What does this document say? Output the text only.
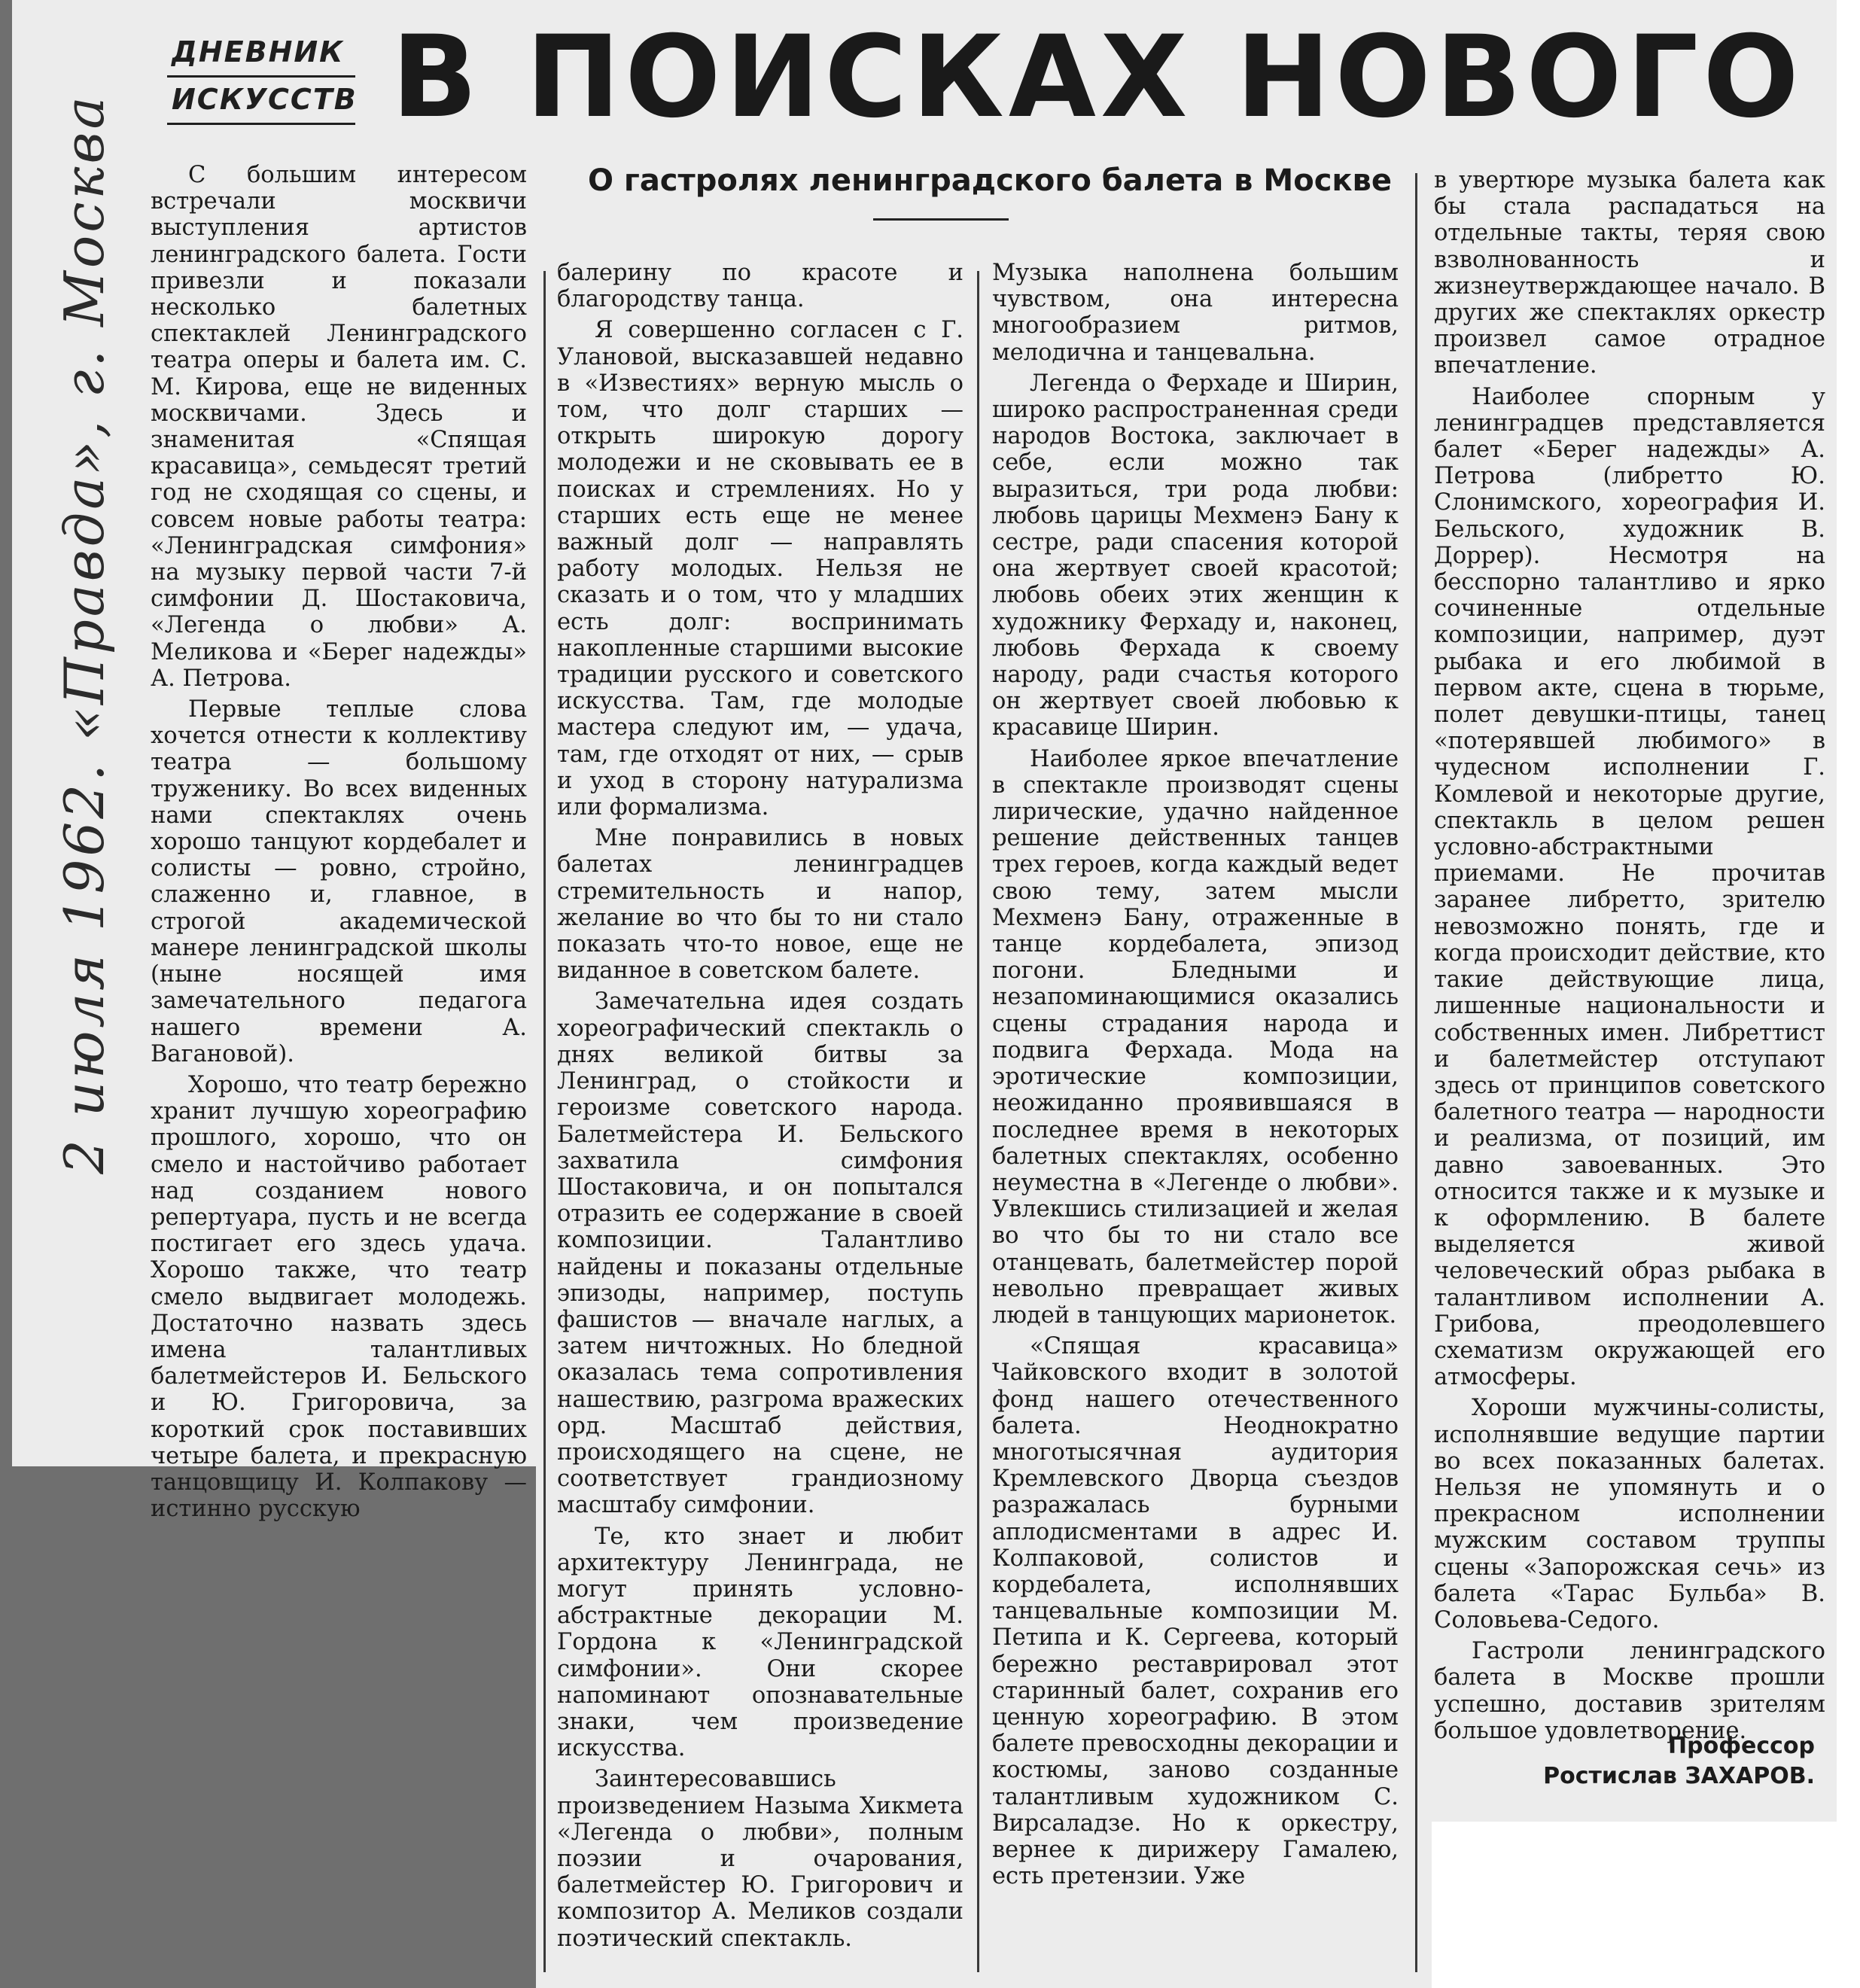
ДНЕВНИК
ИСКУССТВ В ПОИСКАХ НОВОГО
О гастролях ленинградского балета в Москве
2 июля 1962. «Правда», г. Москва	С большим интересом встречали москвичи выступления артистов ленинградского балета. Гости привезли и показали несколько балетных спектаклей Ленинградского театра оперы и балета им. С. М. Кирова, еще не виденных москвичами. Здесь и знаменитая «Спящая красавица», семьдесят третий год не сходящая со сцены, и совсем новые работы театра: «Ленинградская симфония» на музыку первой части 7-й симфонии Д. Шостаковича, «Легенда о любви» А. Меликова и «Берег надежды» А. Петрова.

Первые теплые слова хочется отнести к коллективу театра — большому труженику. Во всех виденных нами спектаклях очень хорошо танцуют кордебалет и солисты — ровно, стройно, слаженно и, главное, в строгой академической манере ленинградской школы (ныне носящей имя замечательного педагога нашего времени А. Вагановой).

Хорошо, что театр бережно хранит лучшую хореографию прошлого, хорошо, что он смело и настойчиво работает над созданием нового репертуара, пусть и не всегда постигает его здесь удача. Хорошо также, что театр смело выдвигает молодежь. Достаточно назвать здесь имена талантливых балетмейстеров И. Бельского и Ю. Григоровича, за короткий срок поставивших четыре балета, и прекрасную танцовщицу И. Колпакову — истинно русскую

балерину по красоте и благородству танца.

Я совершенно согласен с Г. Улановой, высказавшей недавно в «Известиях» верную мысль о том, что долг старших — открыть широкую дорогу молодежи и не сковывать ее в поисках и стремлениях. Но у старших есть еще не менее важный долг — направлять работу молодых. Нельзя не сказать и о том, что у младших есть долг: воспринимать накопленные старшими высокие традиции русского и советского искусства. Там, где молодые мастера следуют им, — удача, там, где отходят от них, — срыв и уход в сторону натурализма или формализма.

Мне понравились в новых балетах ленинградцев стремительность и напор, желание во что бы то ни стало показать что-то новое, еще не виданное в советском балете.

Замечательна идея создать хореографический спектакль о днях великой битвы за Ленинград, о стойкости и героизме советского народа. Балетмейстера И. Бельского захватила симфония Шостаковича, и он попытался отразить ее содержание в своей композиции. Талантливо найдены и показаны отдельные эпизоды, например, поступь фашистов — вначале наглых, а затем ничтожных. Но бледной оказалась тема сопротивления нашествию, разгрома вражеских орд. Масштаб действия, происходящего на сцене, не соответствует грандиозному масштабу симфонии.

Те, кто знает и любит архитектуру Ленинграда, не могут принять условно-абстрактные декорации М. Гордона к «Ленинградской симфонии». Они скорее напоминают опознавательные знаки, чем произведение искусства.

Заинтересовавшись произведением Назыма Хикмета «Легенда о любви», полным поэзии и очарования, балетмейстер Ю. Григорович и композитор А. Меликов создали поэтический спектакль.

Музыка наполнена большим чувством, она интересна многообразием ритмов, мелодична и танцевальна.

Легенда о Ферхаде и Ширин, широко распространенная среди народов Востока, заключает в себе, если можно так выразиться, три рода любви: любовь царицы Мехменэ Бану к сестре, ради спасения которой она жертвует своей красотой; любовь обеих этих женщин к художнику Ферхаду и, наконец, любовь Ферхада к своему народу, ради счастья которого он жертвует своей любовью к красавице Ширин.

Наиболее яркое впечатление в спектакле производят сцены лирические, удачно найденное решение действенных танцев трех героев, когда каждый ведет свою тему, затем мысли Мехменэ Бану, отраженные в танце кордебалета, эпизод погони. Бледными и незапоминающимися оказались сцены страдания народа и подвига Ферхада. Мода на эротические композиции, неожиданно проявившаяся в последнее время в некоторых балетных спектаклях, особенно неуместна в «Легенде о любви». Увлекшись стилизацией и желая во что бы то ни стало все отанцевать, балетмейстер порой невольно превращает живых людей в танцующих марионеток.

«Спящая красавица» Чайковского входит в золотой фонд нашего отечественного балета. Неоднократно многотысячная аудитория Кремлевского Дворца съездов разражалась бурными аплодисментами в адрес И. Колпаковой, солистов и кордебалета, исполнявших танцевальные композиции М. Петипа и К. Сергеева, который бережно реставрировал этот старинный балет, сохранив его ценную хореографию. В этом балете превосходны декорации и костюмы, заново созданные талантливым художником С. Вирсаладзе. Но к оркестру, вернее к дирижеру Гамалею, есть претензии. Уже

в увертюре музыка балета как бы стала распадаться на отдельные такты, теряя свою взволнованность и жизнеутверждающее начало. В других же спектаклях оркестр произвел самое отрадное впечатление.

Наиболее спорным у ленинградцев представляется балет «Берег надежды» А. Петрова (либретто Ю. Слонимского, хореография И. Бельского, художник В. Доррер). Несмотря на бесспорно талантливо и ярко сочиненные отдельные композиции, например, дуэт рыбака и его любимой в первом акте, сцена в тюрьме, полет девушки-птицы, танец «потерявшей любимого» в чудесном исполнении Г. Комлевой и некоторые другие, спектакль в целом решен условно-абстрактными приемами. Не прочитав заранее либретто, зрителю невозможно понять, где и когда происходит действие, кто такие действующие лица, лишенные национальности и собственных имен. Либреттист и балетмейстер отступают здесь от принципов советского балетного театра — народности и реализма, от позиций, им давно завоеванных. Это относится также и к музыке и к оформлению. В балете выделяется живой человеческий образ рыбака в талантливом исполнении А. Грибова, преодолевшего схематизм окружающей его атмосферы.

Хороши мужчины-солисты, исполнявшие ведущие партии во всех показанных балетах. Нельзя не упомянуть и о прекрасном исполнении мужским составом труппы сцены «Запорожская сечь» из балета «Тарас Бульба» В. Соловьева-Седого.

Гастроли ленинградского балета в Москве прошли успешно, доставив зрителям большое удовлетворение.

Профессор
Ростислав ЗАХАРОВ.
